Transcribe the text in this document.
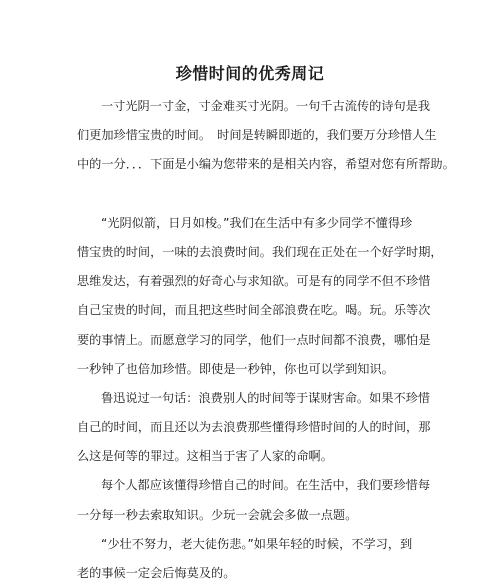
珍惜时间的优秀周记
一寸光阴一寸金，寸金难买寸光阴。一句千古流传的诗句是我
们更加珍惜宝贵的时间。　时间是转瞬即逝的，我们要万分珍惜人生
中的一分．．．下面是小编为您带来的是相关内容，希望对您有所帮助。
“光阴似箭，日月如梭。”我们在生活中有多少同学不懂得珍
惜宝贵的时间，一味的去浪费时间。我们现在正处在一个好学时期，
思维发达，有着强烈的好奇心与求知欲。可是有的同学不但不珍惜
自己宝贵的时间，而且把这些时间全部浪费在吃。喝。玩。乐等次
要的事情上。而愿意学习的同学，他们一点时间都不浪费，哪怕是
一秒钟了也倍加珍惜。即使是一秒钟，你也可以学到知识。
鲁迅说过一句话：浪费别人的时间等于谋财害命。如果不珍惜
自己的时间，而且还以为去浪费那些懂得珍惜时间的人的时间，那
么这是何等的罪过。这相当于害了人家的命啊。
每个人都应该懂得珍惜自己的时间。在生活中，我们要珍惜每
一分每一秒去索取知识。少玩一会就会多做一点题。
“少壮不努力，老大徒伤悲。”如果年轻的时候，不学习，到
老的事候一定会后悔莫及的。
